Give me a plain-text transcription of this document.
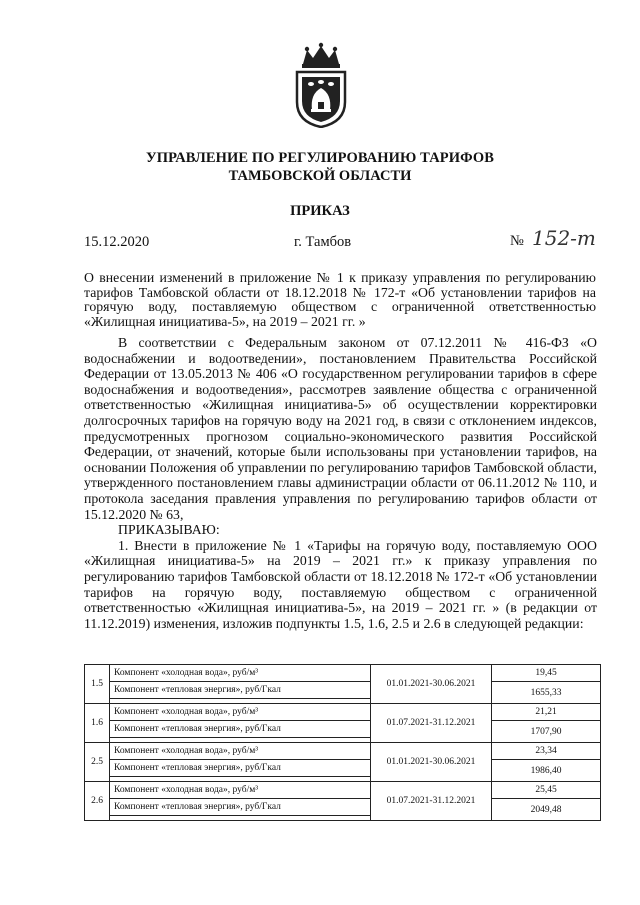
УПРАВЛЕНИЕ ПО РЕГУЛИРОВАНИЮ ТАРИФОВ
ТАМБОВСКОЙ ОБЛАСТИ
ПРИКАЗ
15.12.2020	г. Тамбов	№ 152-т
О внесении изменений в приложение № 1 к приказу управления по регулированию тарифов Тамбовской области от 18.12.2018 № 172-т «Об установлении тарифов на горячую воду, поставляемую обществом с ограниченной ответственностью «Жилищная инициатива-5», на 2019 – 2021 гг. »

В соответствии с Федеральным законом от 07.12.2011 № 416-ФЗ «О водоснабжении и водоотведении», постановлением Правительства Российской Федерации от 13.05.2013 № 406 «О государственном регулировании тарифов в сфере водоснабжения и водоотведения», рассмотрев заявление общества с ограниченной ответственностью «Жилищная инициатива-5» об осуществлении корректировки долгосрочных тарифов на горячую воду на 2021 год, в связи с отклонением индексов, предусмотренных прогнозом социально-экономического развития Российской Федерации, от значений, которые были использованы при установлении тарифов, на основании Положения об управлении по регулированию тарифов Тамбовской области, утвержденного постановлением главы администрации области от 06.11.2012 № 110, и протокола заседания правления управления по регулированию тарифов области от 15.12.2020 № 63,

ПРИКАЗЫВАЮ:

1. Внести в приложение № 1 «Тарифы на горячую воду, поставляемую ООО «Жилищная инициатива-5» на 2019 – 2021 гг.» к приказу управления по регулированию тарифов Тамбовской области от 18.12.2018 № 172-т «Об установлении тарифов на горячую воду, поставляемую обществом с ограниченной ответственностью «Жилищная инициатива-5», на 2019 – 2021 гг. » (в редакции от 11.12.2019) изменения, изложив подпункты 1.5, 1.6, 2.5 и 2.6 в следующей редакции:

1.5	Компонент «холодная вода», руб/м³	01.01.2021-30.06.2021	19,45
	Компонент «тепловая энергия», руб/Гкал		1655,33

1.6	Компонент «холодная вода», руб/м³	01.07.2021-31.12.2021	21,21
	Компонент «тепловая энергия», руб/Гкал		1707,90

2.5	Компонент «холодная вода», руб/м³	01.01.2021-30.06.2021	23,34
	Компонент «тепловая энергия», руб/Гкал		1986,40

2.6	Компонент «холодная вода», руб/м³	01.07.2021-31.12.2021	25,45
	Компонент «тепловая энергия», руб/Гкал		2049,48
